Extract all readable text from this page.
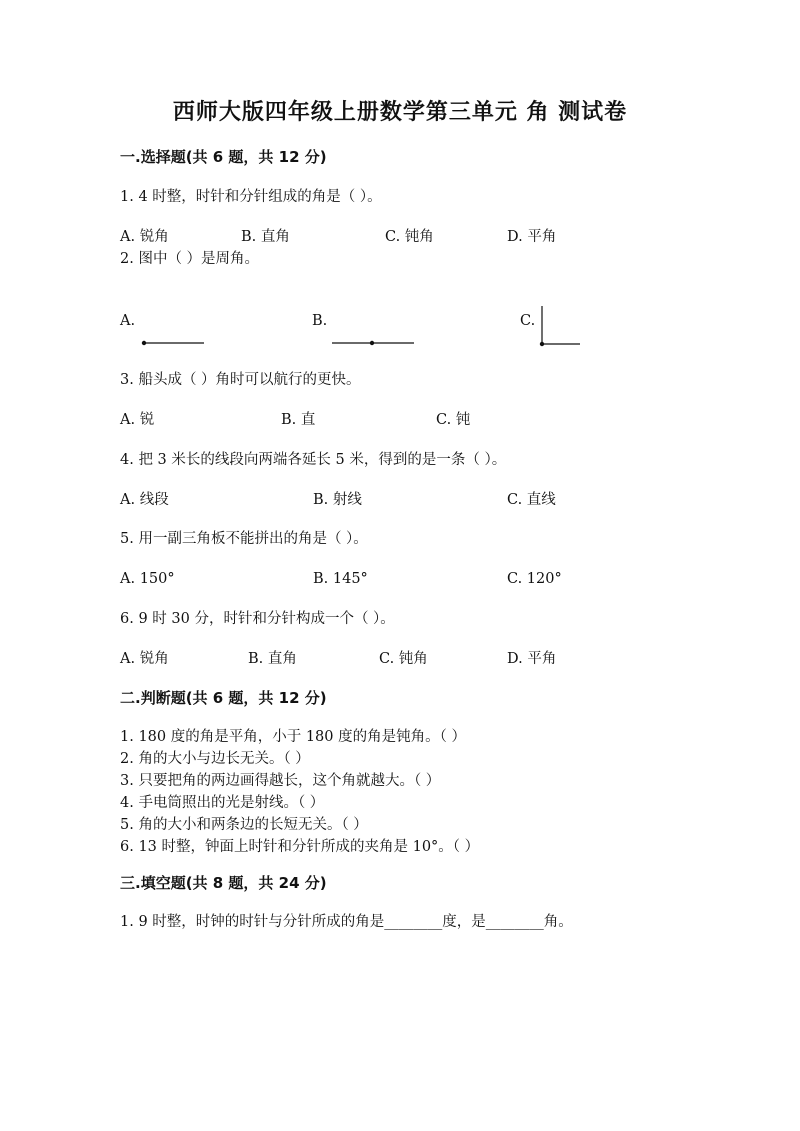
西师大版四年级上册数学第三单元 角 测试卷
一.选择题(共 6 题，共 12 分)
1. 4 时整，时针和分针组成的角是（ ）。
A. 锐角	B. 直角	C. 钝角	D. 平角
2. 图中（ ）是周角。
A.	B.	C.
3. 船头成（ ）角时可以航行的更快。
A. 锐	B. 直	C. 钝
4. 把 3 米长的线段向两端各延长 5 米，得到的是一条（ ）。
A. 线段	B. 射线	C. 直线
5. 用一副三角板不能拼出的角是（ ）。
A. 150°	B. 145°	C. 120°
6. 9 时 30 分，时针和分针构成一个（ ）。
A. 锐角	B. 直角	C. 钝角	D. 平角
二.判断题(共 6 题，共 12 分)
1. 180 度的角是平角，小于 180 度的角是钝角。（ ）
2. 角的大小与边长无关。（ ）
3. 只要把角的两边画得越长，这个角就越大。（ ）
4. 手电筒照出的光是射线。（ ）
5. 角的大小和两条边的长短无关。（ ）
6. 13 时整，钟面上时针和分针所成的夹角是 10°。（ ）
三.填空题(共 8 题，共 24 分)
1. 9 时整，时钟的时针与分针所成的角是________度，是________角。
